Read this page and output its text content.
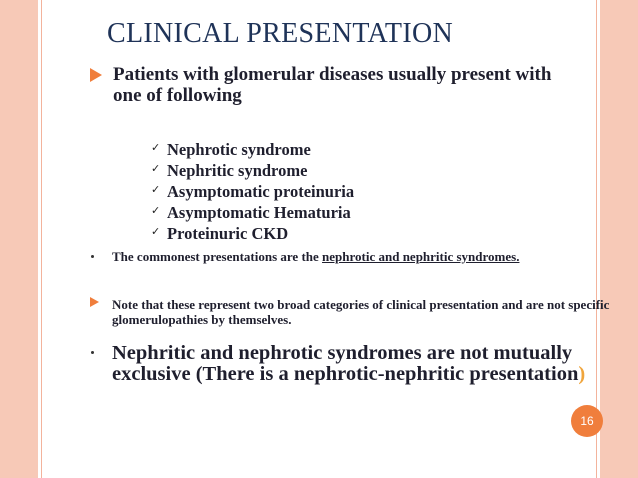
CLINICAL PRESENTATION
Patients with glomerular diseases usually present with one of following
✓ Nephrotic syndrome
✓ Nephritic syndrome
✓ Asymptomatic proteinuria
✓ Asymptomatic Hematuria
✓ Proteinuric CKD
The commonest presentations are the nephrotic and nephritic syndromes.
Note that these represent two broad categories of clinical presentation and are not specific glomerulopathies by themselves.
Nephritic and nephrotic syndromes are not mutually exclusive (There is a nephrotic-nephritic presentation)
16
